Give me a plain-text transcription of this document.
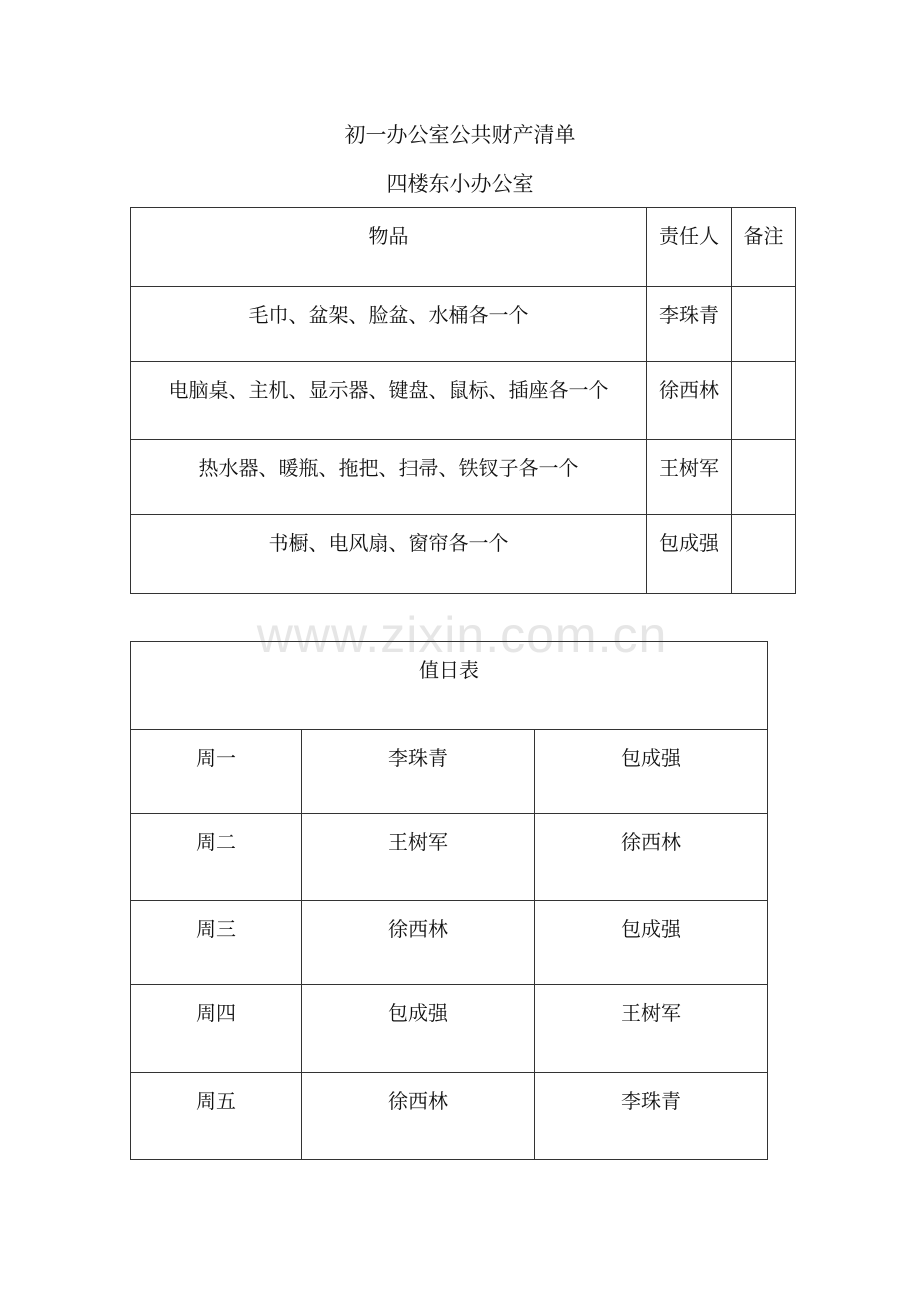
初一办公室公共财产清单
四楼东小办公室
物品	责任人	备注
毛巾、盆架、脸盆、水桶各一个	李珠青	
电脑桌、主机、显示器、键盘、鼠标、插座各一个	徐西林	
热水器、暖瓶、拖把、扫帚、铁钗子各一个	王树军	
书橱、电风扇、窗帘各一个	包成强	
www.zixin.com.cn
值日表		
周一	李珠青	包成强
周二	王树军	徐西林
周三	徐西林	包成强
周四	包成强	王树军
周五	徐西林	李珠青
